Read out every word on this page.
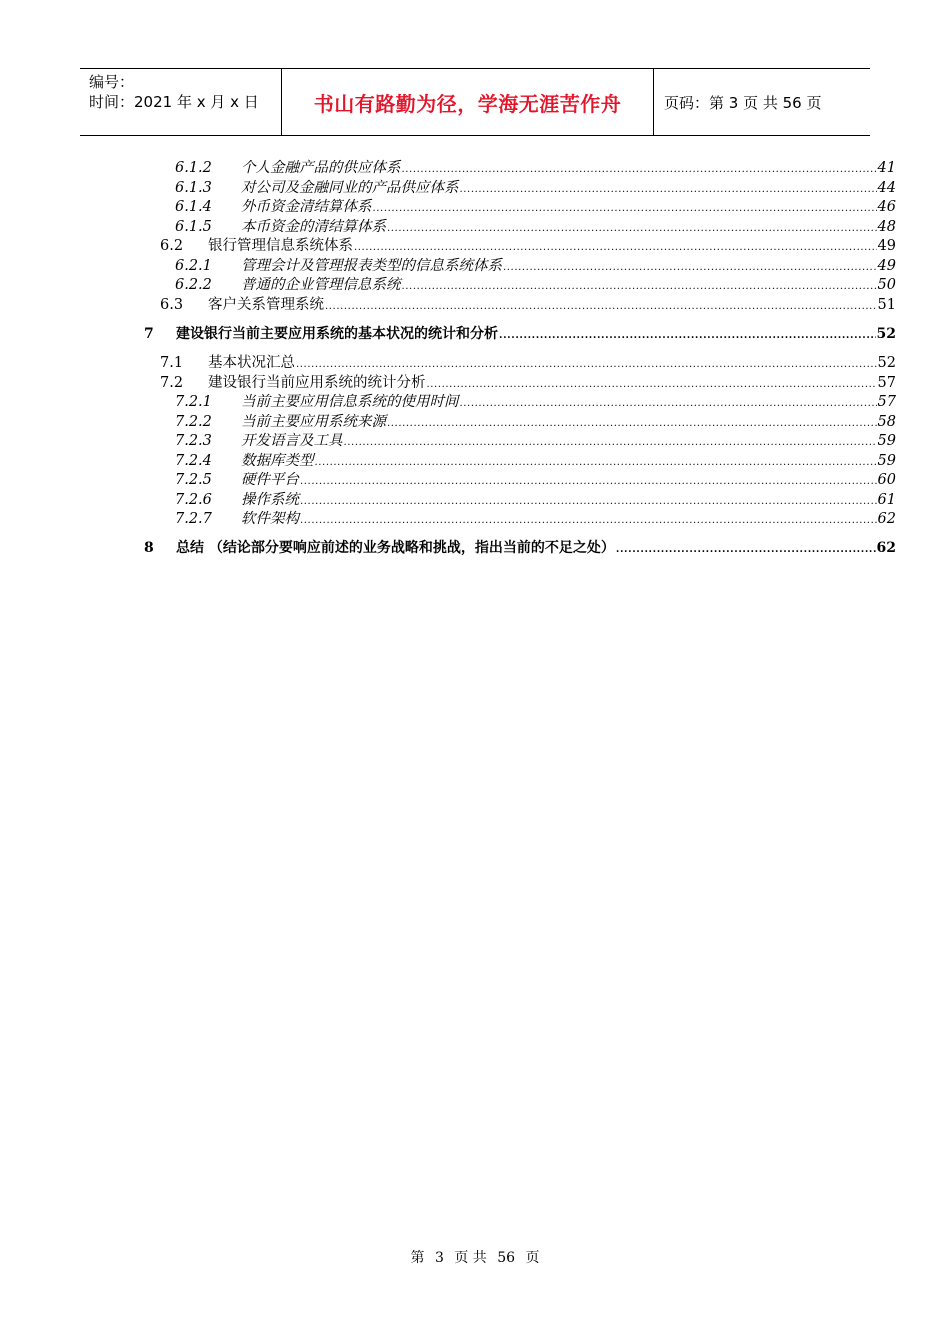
编号：
时间：2021 年 x 月 x 日	书山有路勤为径，学海无涯苦作舟	页码：第 3 页 共 56 页
6.1.2	个人金融产品的供应体系 .....	41
6.1.3	对公司及金融同业的产品供应体系 .....	44
6.1.4	外币资金清结算体系 .....	46
6.1.5	本币资金的清结算体系 .....	48
6.2	银行管理信息系统体系 .....	49
6.2.1	管理会计及管理报表类型的信息系统体系 .....	49
6.2.2	普通的企业管理信息系统 .....	50
6.3	客户关系管理系统 .....	51
7	建设银行当前主要应用系统的基本状况的统计和分析 .....	52
7.1	基本状况汇总 .....	52
7.2	建设银行当前应用系统的统计分析 .....	57
7.2.1	当前主要应用信息系统的使用时间 .....	57
7.2.2	当前主要应用系统来源 .....	58
7.2.3	开发语言及工具 .....	59
7.2.4	数据库类型 .....	59
7.2.5	硬件平台 .....	60
7.2.6	操作系统 .....	61
7.2.7	软件架构 .....	62
8	总结 （结论部分要响应前述的业务战略和挑战，指出当前的不足之处） .....	62
第 3 页 共 56 页
